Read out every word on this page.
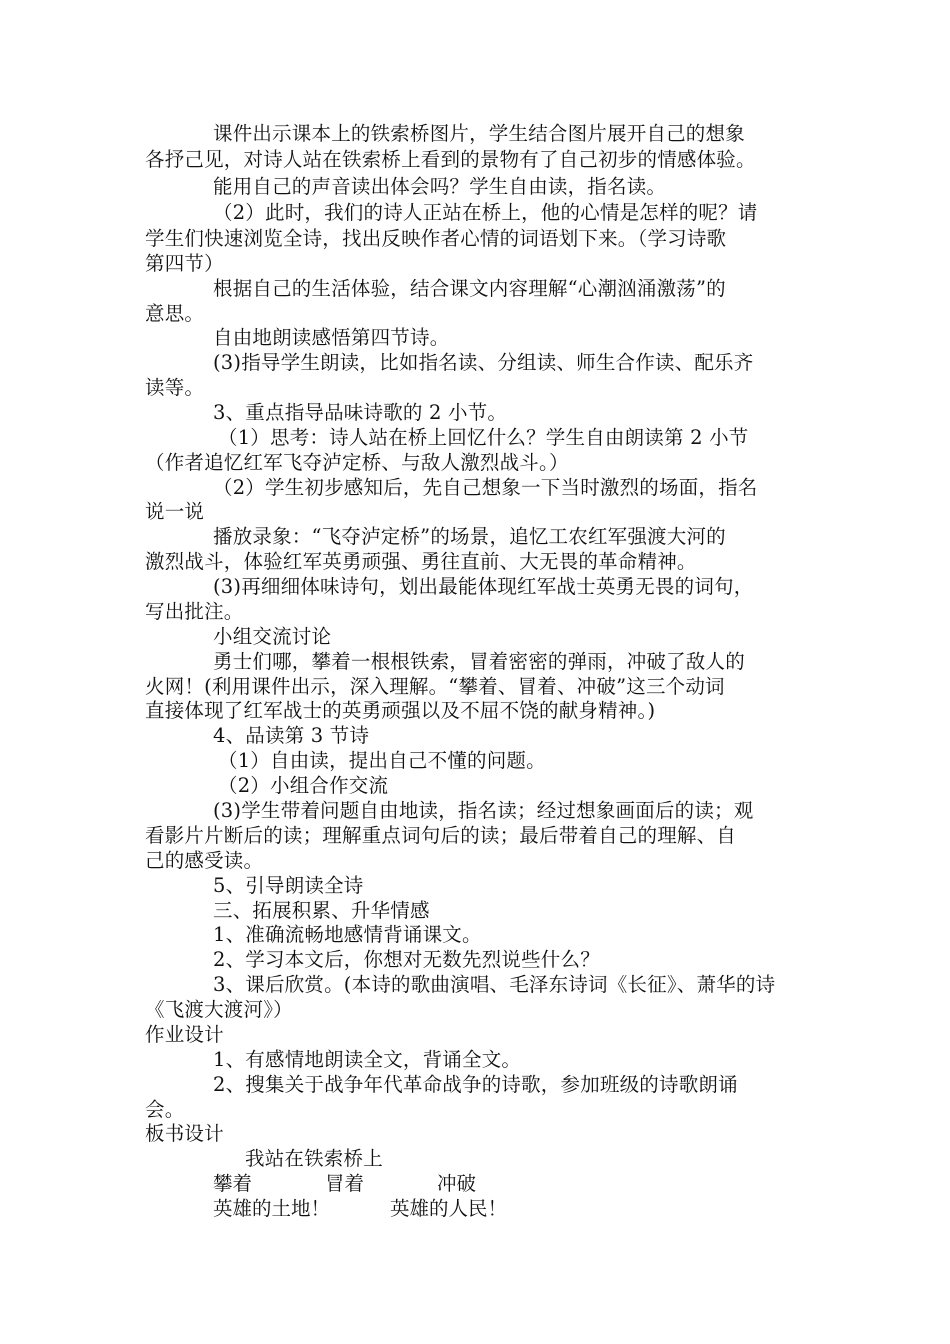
课件出示课本上的铁索桥图片，学生结合图片展开自己的想象
各抒己见，对诗人站在铁索桥上看到的景物有了自己初步的情感体验。
能用自己的声音读出体会吗？学生自由读，指名读。
（2）此时，我们的诗人正站在桥上，他的心情是怎样的呢？请
学生们快速浏览全诗，找出反映作者心情的词语划下来。（学习诗歌
第四节）
根据自己的生活体验，结合课文内容理解“心潮汹涌激荡”的
意思。
自由地朗读感悟第四节诗。
(3)指导学生朗读，比如指名读、分组读、师生合作读、配乐齐
读等。
3、重点指导品味诗歌的 2 小节。
（1）思考：诗人站在桥上回忆什么？学生自由朗读第 2 小节
（作者追忆红军飞夺泸定桥、与敌人激烈战斗。）
（2）学生初步感知后，先自己想象一下当时激烈的场面，指名
说一说
播放录象：“飞夺泸定桥”的场景，追忆工农红军强渡大河的
激烈战斗，体验红军英勇顽强、勇往直前、大无畏的革命精神。
(3)再细细体味诗句，划出最能体现红军战士英勇无畏的词句，
写出批注。
小组交流讨论
勇士们哪，攀着一根根铁索，冒着密密的弹雨，冲破了敌人的
火网！(利用课件出示，深入理解。“攀着、冒着、冲破”这三个动词
直接体现了红军战士的英勇顽强以及不屈不饶的献身精神。)
4、品读第 3 节诗
（1）自由读，提出自己不懂的问题。
（2）小组合作交流
(3)学生带着问题自由地读，指名读；经过想象画面后的读；观
看影片片断后的读；理解重点词句后的读；最后带着自己的理解、自
己的感受读。
5、引导朗读全诗
三、拓展积累、升华情感
1、准确流畅地感情背诵课文。
2、学习本文后，你想对无数先烈说些什么？
3、课后欣赏。(本诗的歌曲演唱、毛泽东诗词《长征》、萧华的诗
《飞渡大渡河》）
作业设计
1、有感情地朗读全文，背诵全文。
2、搜集关于战争年代革命战争的诗歌，参加班级的诗歌朗诵
会。
板书设计
我站在铁索桥上
攀着	冒着	冲破
英雄的土地！	英雄的人民！
